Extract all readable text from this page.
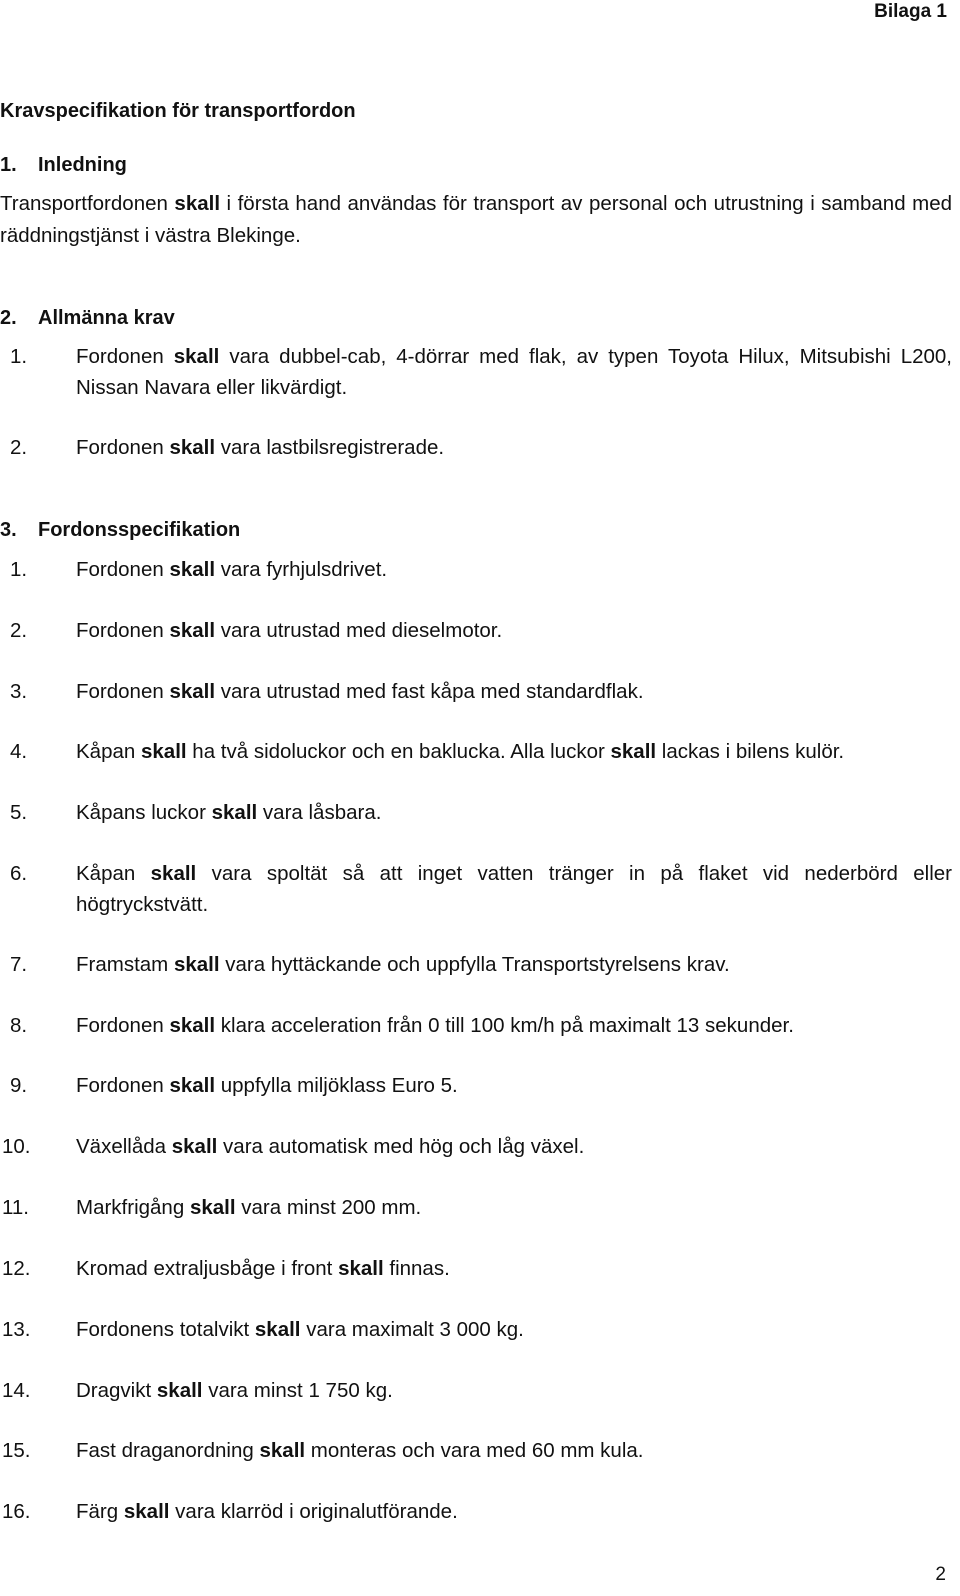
Bilaga 1
Kravspecifikation för transportfordon
1. Inledning
Transportfordonen skall i första hand användas för transport av personal och utrustning i samband med räddningstjänst i västra Blekinge.
2. Allmänna krav
1.	Fordonen skall vara dubbel-cab, 4-dörrar med flak, av typen Toyota Hilux, Mitsubishi L200, Nissan Navara eller likvärdigt.
2.	Fordonen skall vara lastbilsregistrerade.
3. Fordonsspecifikation
1.	Fordonen skall vara fyrhjulsdrivet.
2.	Fordonen skall vara utrustad med dieselmotor.
3.	Fordonen skall vara utrustad med fast kåpa med standardflak.
4.	Kåpan skall ha två sidoluckor och en baklucka. Alla luckor skall lackas i bilens kulör.
5.	Kåpans luckor skall vara låsbara.
6.	Kåpan skall vara spoltät så att inget vatten tränger in på flaket vid nederbörd eller högtryckstvätt.
7.	Framstam skall vara hyttäckande och uppfylla Transportstyrelsens krav.
8.	Fordonen skall klara acceleration från 0 till 100 km/h på maximalt 13 sekunder.
9.	Fordonen skall uppfylla miljöklass Euro 5.
10.	Växellåda skall vara automatisk med hög och låg växel.
11.	Markfrigång skall vara minst 200 mm.
12.	Kromad extraljusbåge i front skall finnas.
13.	Fordonens totalvikt skall vara maximalt 3 000 kg.
14.	Dragvikt skall vara minst 1 750 kg.
15.	Fast draganordning skall monteras och vara med 60 mm kula.
16.	Färg skall vara klarröd i originalutförande.
2
